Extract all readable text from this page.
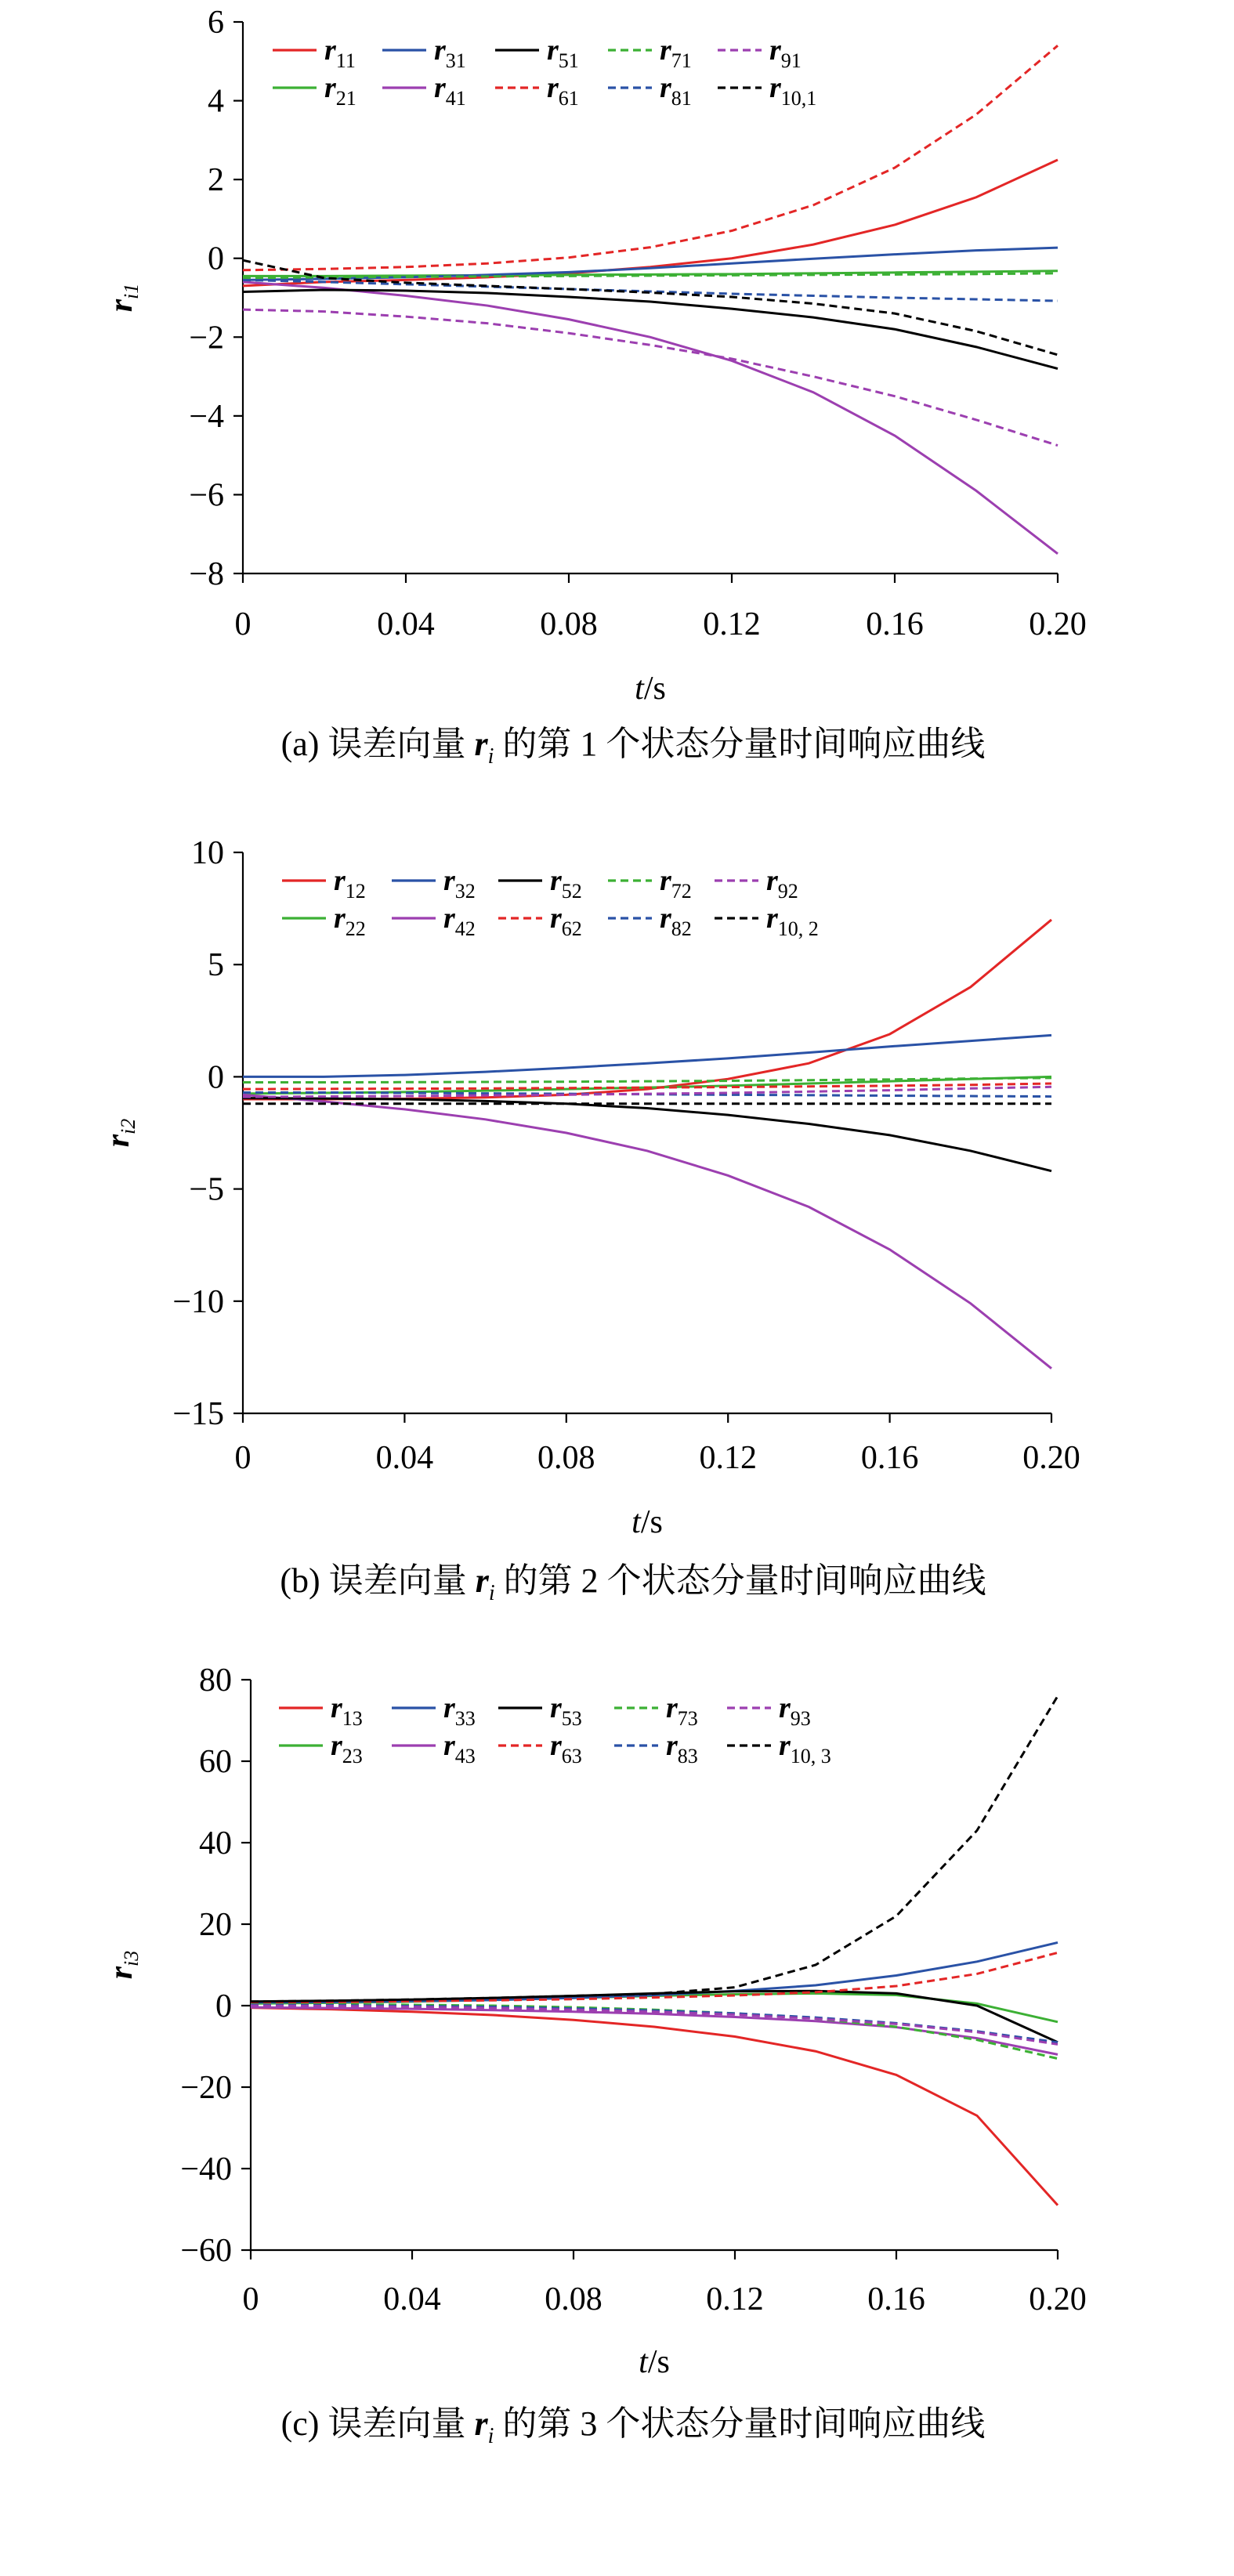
−8
−6
−4
−2
0
2
4
6
0	0.04	0.08	0.12	0.16	0.20
t/s
ri1
$r_{11}$
$r_{21}$
$r_{31}$
$r_{41}$
$r_{51}$
$r_{61}$
$r_{71}$
$r_{81}$
$r_{91}$
$r_{10,1}$
(a) 误差向量 $r_i$ 的第 1 个状态分量时间响应曲线
−15
−10
−5
0
5
10
0	0.04	0.08	0.12	0.16	0.20
t/s
ri2
$r_{12}$
$r_{22}$
$r_{32}$
$r_{42}$
$r_{52}$
$r_{62}$
$r_{72}$
$r_{82}$
$r_{92}$
$r_{10, 2}$
(b) 误差向量 $r_i$ 的第 2 个状态分量时间响应曲线
−60
−40
−20
0
20
40
60
80
0	0.04	0.08	0.12	0.16	0.20
t/s
ri3
$r_{13}$
$r_{23}$
$r_{33}$
$r_{43}$
$r_{53}$
$r_{63}$
$r_{73}$
$r_{83}$
$r_{93}$
$r_{10, 3}$
(c) 误差向量 $r_i$ 的第 3 个状态分量时间响应曲线
